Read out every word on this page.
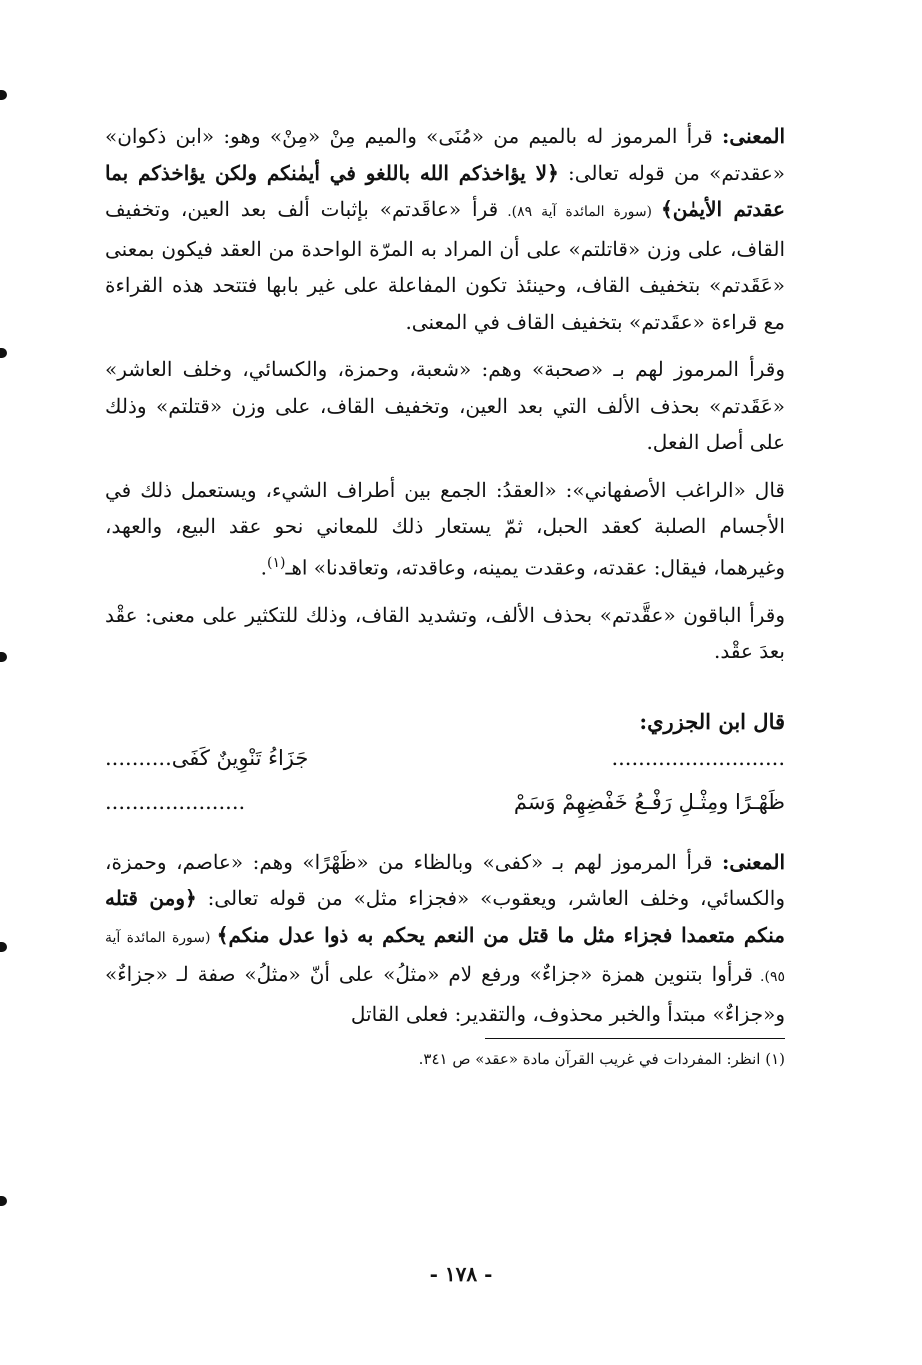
المعنى: قرأ المرموز له بالميم من «مُنَى» والميم مِنْ «مِنْ» وهو: «ابن ذكوان» «عقدتم» من قوله تعالى: ﴿لا يؤاخذكم الله باللغو في أيمٰنكم ولكن يؤاخذكم بما عقدتم الأيمٰن﴾ (سورة المائدة آية ٨٩). قرأ «عاقَدتم» بإثبات ألف بعد العين، وتخفيف القاف، على وزن «قاتلتم» على أن المراد به المرّة الواحدة من العقد فيكون بمعنى «عَقَدتم» بتخفيف القاف، وحينئذ تكون المفاعلة على غير بابها فتتحد هذه القراءة مع قراءة «عقَدتم» بتخفيف القاف في المعنى.

وقرأ المرموز لهم بـ «صحبة» وهم: «شعبة، وحمزة، والكسائي، وخلف العاشر» «عَقَدتم» بحذف الألف التي بعد العين، وتخفيف القاف، على وزن «قتلتم» وذلك على أصل الفعل.

قال «الراغب الأصفهاني»: «العقدُ: الجمع بين أطراف الشيء، ويستعمل ذلك في الأجسام الصلبة كعقد الحبل، ثمّ يستعار ذلك للمعاني نحو عقد البيع، والعهد، وغيرهما، فيقال: عقدته، وعقدت يمينه، وعاقدته، وتعاقدنا» اهـ$^{(١)}$.

وقرأ الباقون «عقَّدتم» بحذف الألف، وتشديد القاف، وذلك للتكثير على معنى: عقْد بعدَ عقْد.

قال ابن الجزري:

..........................
جَزَاءُ تَنْوِينٌ كَفَى..........
ظَهْـرًا ومِثْـلِ رَفْـعُ خَفْضِهِمْ وَسَمْ
.....................

المعنى: قرأ المرموز لهم بـ «كفى» وبالظاء من «ظَهْرًا» وهم: «عاصم، وحمزة، والكسائي، وخلف العاشر، ويعقوب» «فجزاء مثل» من قوله تعالى: ﴿ومن قتله منكم متعمدا فجزاء مثل ما قتل من النعم يحكم به ذوا عدل منكم﴾ (سورة المائدة آية ٩٥). قرأوا بتنوين همزة «جزاءٌ» ورفع لام «مثلُ» على أنّ «مثلُ» صفة لـ «جزاءٌ» و«جزاءٌ» مبتدأ والخبر محذوف، والتقدير: فعلى القاتل

(١) انظر: المفردات في غريب القرآن مادة «عقد» ص ٣٤١.

- ١٧٨ -
